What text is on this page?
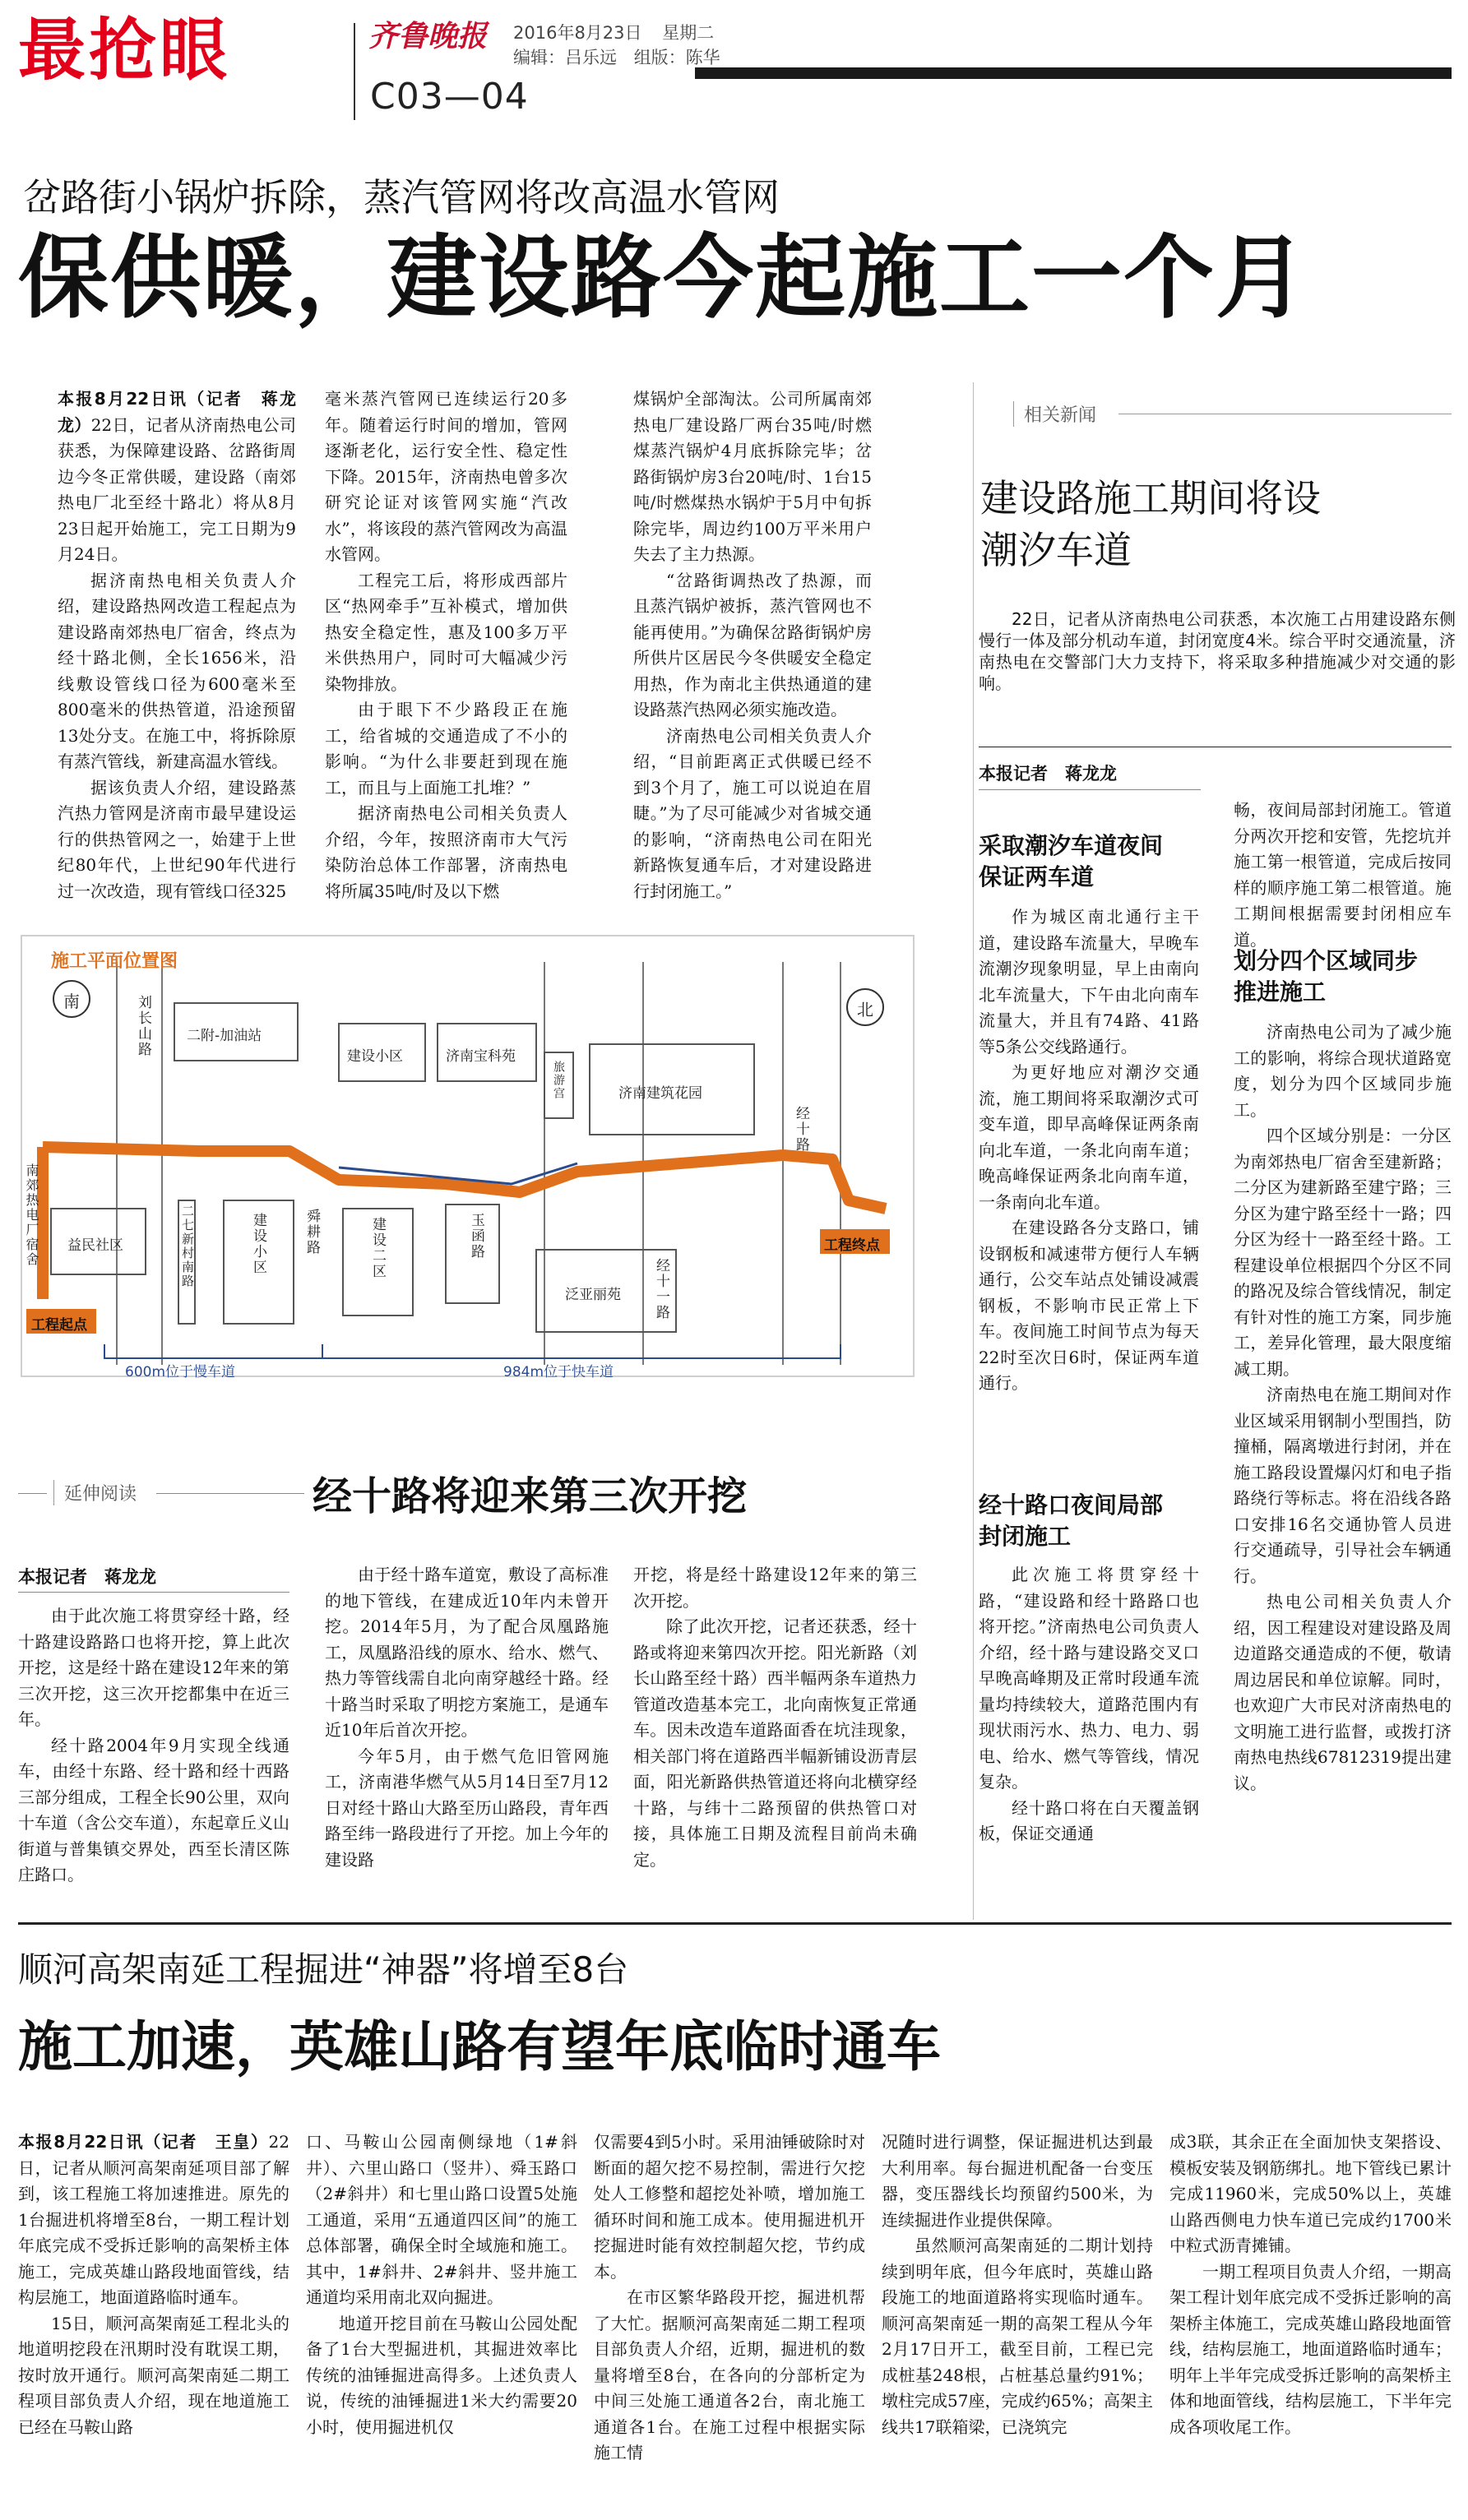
最抢眼	齐鲁晚报 2016年8月23日 星期二
编辑：吕乐远 组版：陈华
C03—04
岔路街小锅炉拆除，蒸汽管网将改高温水管网
保供暖，建设路今起施工一个月

本报8月22日讯（记者　蒋龙龙）22日，记者从济南热电公司获悉，为保障建设路、岔路街周边今冬正常供暖，建设路（南郊热电厂北至经十路北）将从8月23日起开始施工，完工日期为9月24日。

据济南热电相关负责人介绍，建设路热网改造工程起点为建设路南郊热电厂宿舍，终点为经十路北侧，全长1656米，沿线敷设管线口径为600毫米至800毫米的供热管道，沿途预留13处分支。在施工中，将拆除原有蒸汽管线，新建高温水管线。

据该负责人介绍，建设路蒸汽热力管网是济南市最早建设运行的供热管网之一，始建于上世纪80年代，上世纪90年代进行过一次改造，现有管线口径325

毫米蒸汽管网已连续运行20多年。随着运行时间的增加，管网逐渐老化，运行安全性、稳定性下降。2015年，济南热电曾多次研究论证对该管网实施“汽改水”，将该段的蒸汽管网改为高温水管网。

工程完工后，将形成西部片区“热网牵手”互补模式，增加供热安全稳定性，惠及100多万平米供热用户，同时可大幅减少污染物排放。

由于眼下不少路段正在施工，给省城的交通造成了不小的影响。“为什么非要赶到现在施工，而且与上面施工扎堆？”

据济南热电公司相关负责人介绍，今年，按照济南市大气污染防治总体工作部署，济南热电将所属35吨/时及以下燃

煤锅炉全部淘汰。公司所属南郊热电厂建设路厂两台35吨/时燃煤蒸汽锅炉4月底拆除完毕；岔路街锅炉房3台20吨/时、1台15吨/时燃煤热水锅炉于5月中旬拆除完毕，周边约100万平米用户失去了主力热源。

“岔路街调热改了热源，而且蒸汽锅炉被拆，蒸汽管网也不能再使用。”为确保岔路街锅炉房所供片区居民今冬供暖安全稳定用热，作为南北主供热通道的建设路蒸汽热网必须实施改造。

济南热电公司相关负责人介绍，“目前距离正式供暖已经不到3个月了，施工可以说迫在眉睫。”为了尽可能减少对省城交通的影响，“济南热电公司在阳光新路恢复通车后，才对建设路进行封闭施工。”

施工平面位置图
南	北
刘长山路	二附-加油站
建设小区	济南宝科苑
旅游宫	济南建筑花园
经十路
南郊热电厂宿舍 益民社区	二七新村南路	建设小区	舜耕路	建设二区	玉函路
泛亚丽苑 经十一路
工程起点
工程终点
600m位于慢车道	984m位于快车道
相关新闻
建设路施工期间将设潮汐车道

22日，记者从济南热电公司获悉，本次施工占用建设路东侧慢行一体及部分机动车道，封闭宽度4米。综合平时交通流量，济南热电在交警部门大力支持下，将采取多种措施减少对交通的影响。

本报记者　蒋龙龙
采取潮汐车道夜间保证两车道

作为城区南北通行主干道，建设路车流量大，早晚车流潮汐现象明显，早上由南向北车流量大，下午由北向南车流量大，并且有74路、41路等5条公交线路通行。

为更好地应对潮汐交通流，施工期间将采取潮汐式可变车道，即早高峰保证两条南向北车道，一条北向南车道；晚高峰保证两条北向南车道，一条南向北车道。

在建设路各分支路口，铺设钢板和减速带方便行人车辆通行，公交车站点处铺设减震钢板，不影响市民正常上下车。夜间施工时间节点为每天22时至次日6时，保证两车道通行。

经十路口夜间局部封闭施工

此次施工将贯穿经十路，“建设路和经十路路口也将开挖。”济南热电公司负责人介绍，经十路与建设路交叉口早晚高峰期及正常时段通车流量均持续较大，道路范围内有现状雨污水、热力、电力、弱电、给水、燃气等管线，情况复杂。

经十路口将在白天覆盖钢板，保证交通通

畅，夜间局部封闭施工。管道分两次开挖和安管，先挖坑并施工第一根管道，完成后按同样的顺序施工第二根管道。施工期间根据需要封闭相应车道。

划分四个区域同步推进施工

济南热电公司为了减少施工的影响，将综合现状道路宽度，划分为四个区域同步施工。

四个区域分别是：一分区为南郊热电厂宿舍至建新路；二分区为建新路至建宁路；三分区为建宁路至经十一路；四分区为经十一路至经十路。工程建设单位根据四个分区不同的路况及综合管线情况，制定有针对性的施工方案，同步施工，差异化管理，最大限度缩减工期。

济南热电在施工期间对作业区域采用钢制小型围挡，防撞桶，隔离墩进行封闭，并在施工路段设置爆闪灯和电子指路绕行等标志。将在沿线各路口安排16名交通协管人员进行交通疏导，引导社会车辆通行。

热电公司相关负责人介绍，因工程建设对建设路及周边道路交通造成的不便，敬请周边居民和单位谅解。同时，也欢迎广大市民对济南热电的文明施工进行监督，或拨打济南热电热线67812319提出建议。

延伸阅读	经十路将迎来第三次开挖
本报记者　蒋龙龙

由于此次施工将贯穿经十路，经十路建设路路口也将开挖，算上此次开挖，这是经十路在建设12年来的第三次开挖，这三次开挖都集中在近三年。

经十路2004年9月实现全线通车，由经十东路、经十路和经十西路三部分组成，工程全长90公里，双向十车道（含公交车道），东起章丘义山街道与普集镇交界处，西至长清区陈庄路口。

由于经十路车道宽，敷设了高标准的地下管线，在建成近10年内未曾开挖。2014年5月，为了配合凤凰路施工，凤凰路沿线的原水、给水、燃气、热力等管线需自北向南穿越经十路。经十路当时采取了明挖方案施工，是通车近10年后首次开挖。

今年5月，由于燃气危旧管网施工，济南港华燃气从5月14日至7月12日对经十路山大路至历山路段，青年西路至纬一路段进行了开挖。加上今年的建设路

开挖，将是经十路建设12年来的第三次开挖。

除了此次开挖，记者还获悉，经十路或将迎来第四次开挖。阳光新路（刘长山路至经十路）西半幅两条车道热力管道改造基本完工，北向南恢复正常通车。因未改造车道路面香在坑洼现象，相关部门将在道路西半幅新铺设沥青层面，阳光新路供热管道还将向北横穿经十路，与纬十二路预留的供热管口对接，具体施工日期及流程目前尚未确定。

顺河高架南延工程掘进“神器”将增至8台
施工加速，英雄山路有望年底临时通车

本报8月22日讯（记者　王皇）22日，记者从顺河高架南延项目部了解到，该工程施工将加速推进。原先的1台掘进机将增至8台，一期工程计划年底完成不受拆迁影响的高架桥主体施工，完成英雄山路段地面管线，结构层施工，地面道路临时通车。

15日，顺河高架南延工程北头的地道明挖段在汛期时没有耽误工期，按时放开通行。顺河高架南延二期工程项目部负责人介绍，现在地道施工已经在马鞍山路

口、马鞍山公园南侧绿地（1#斜井）、六里山路口（竖井）、舜玉路口（2#斜井）和七里山路口设置5处施工通道，采用“五通道四区间”的施工总体部署，确保全时全域施和施工。其中，1#斜井、2#斜井、竖井施工通道均采用南北双向掘进。

地道开挖目前在马鞍山公园处配备了1台大型掘进机，其掘进效率比传统的油锤掘进高得多。上述负责人说，传统的油锤掘进1米大约需要20小时，使用掘进机仅

仅需要4到5小时。采用油锤破除时对断面的超欠挖不易控制，需进行欠挖处人工修整和超挖处补喷，增加施工循环时间和施工成本。使用掘进机开挖掘进时能有效控制超欠挖，节约成本。

在市区繁华路段开挖，掘进机帮了大忙。据顺河高架南延二期工程项目部负责人介绍，近期，掘进机的数量将增至8台，在各向的分部析定为中间三处施工通道各2台，南北施工通道各1台。在施工过程中根据实际施工情

况随时进行调整，保证掘进机达到最大利用率。每台掘进机配备一台变压器，变压器线长均预留约500米，为连续掘进作业提供保障。

虽然顺河高架南延的二期计划持续到明年底，但今年底时，英雄山路段施工的地面道路将实现临时通车。顺河高架南延一期的高架工程从今年2月17日开工，截至目前，工程已完成桩基248根，占桩基总量约91%；墩柱完成57座，完成约65%；高架主线共17联箱梁，已浇筑完

成3联，其余正在全面加快支架搭设、模板安装及钢筋绑扎。地下管线已累计完成11960米，完成50%以上，英雄山路西侧电力快车道已完成约1700米中粒式沥青摊铺。

一期工程项目负责人介绍，一期高架工程计划年底完成不受拆迁影响的高架桥主体施工，完成英雄山路段地面管线，结构层施工，地面道路临时通车；明年上半年完成受拆迁影响的高架桥主体和地面管线，结构层施工，下半年完成各项收尾工作。
